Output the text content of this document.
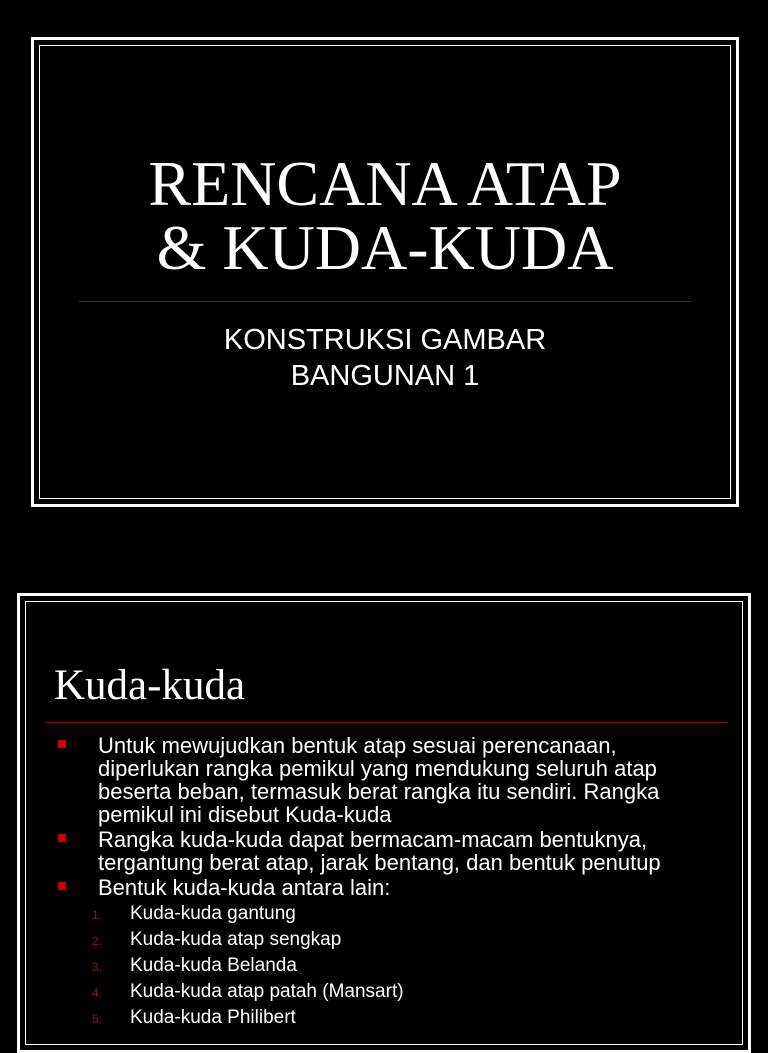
RENCANA ATAP
& KUDA-KUDA
KONSTRUKSI GAMBAR
BANGUNAN 1
Kuda-kuda
Untuk mewujudkan bentuk atap sesuai perencanaan, diperlukan rangka pemikul yang mendukung seluruh atap beserta beban, termasuk berat rangka itu sendiri. Rangka pemikul ini disebut Kuda-kuda
Rangka kuda-kuda dapat bermacam-macam bentuknya, tergantung berat atap, jarak bentang, dan bentuk penutup
Bentuk kuda-kuda antara lain:
1. Kuda-kuda gantung
2. Kuda-kuda atap sengkap
3. Kuda-kuda Belanda
4. Kuda-kuda atap patah (Mansart)
5. Kuda-kuda Philibert
